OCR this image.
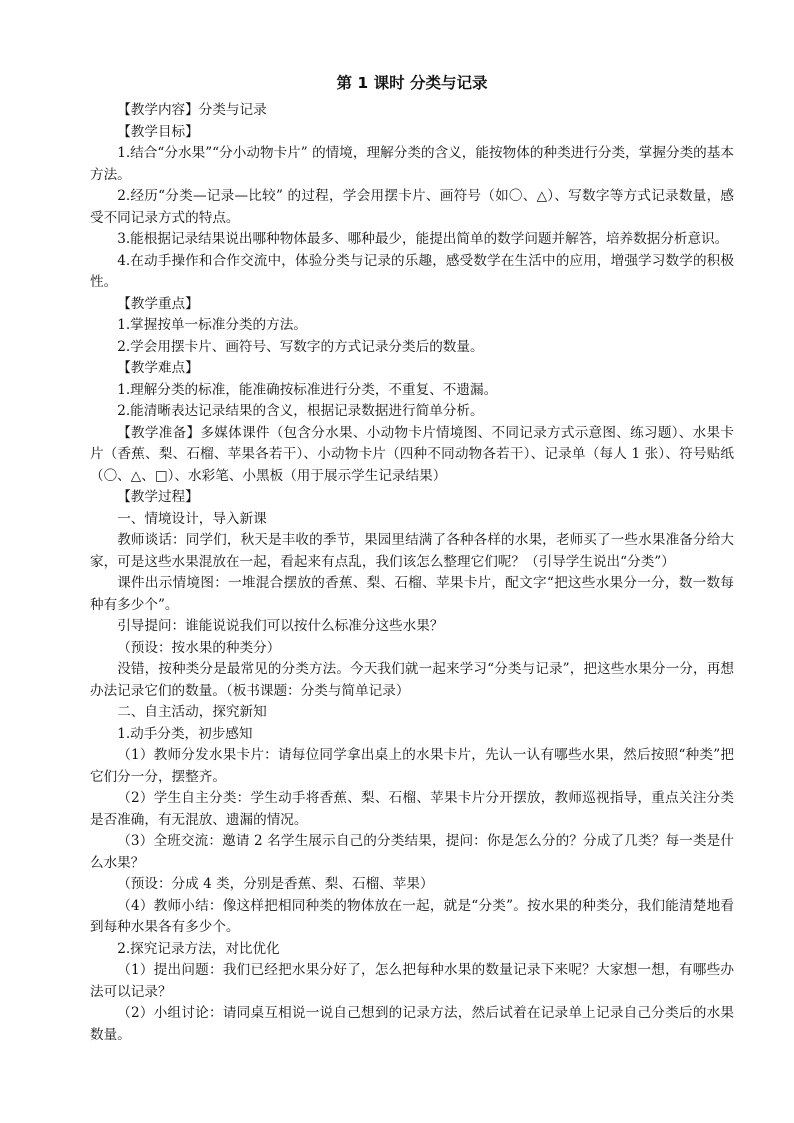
第 1 课时 分类与记录

【教学内容】分类与记录

【教学目标】

1.结合“分水果”“分小动物卡片” 的情境，理解分类的含义，能按物体的种类进行分类，掌握分类的基本方法。

2.经历“分类—记录—比较” 的过程，学会用摆卡片、画符号（如〇、△）、写数字等方式记录数量，感受不同记录方式的特点。

3.能根据记录结果说出哪种物体最多、哪种最少，能提出简单的数学问题并解答，培养数据分析意识。

4.在动手操作和合作交流中，体验分类与记录的乐趣，感受数学在生活中的应用，增强学习数学的积极性。

【教学重点】

1.掌握按单一标准分类的方法。

2.学会用摆卡片、画符号、写数字的方式记录分类后的数量。

【教学难点】

1.理解分类的标准，能准确按标准进行分类，不重复、不遗漏。

2.能清晰表达记录结果的含义，根据记录数据进行简单分析。

【教学准备】多媒体课件（包含分水果、小动物卡片情境图、不同记录方式示意图、练习题）、水果卡片（香蕉、梨、石榴、苹果各若干）、小动物卡片（四种不同动物各若干）、记录单（每人 1 张）、符号贴纸（〇、△、□）、水彩笔、小黑板（用于展示学生记录结果）

【教学过程】

一、情境设计，导入新课

教师谈话：同学们，秋天是丰收的季节，果园里结满了各种各样的水果，老师买了一些水果准备分给大家，可是这些水果混放在一起，看起来有点乱，我们该怎么整理它们呢？（引导学生说出“分类”）

课件出示情境图：一堆混合摆放的香蕉、梨、石榴、苹果卡片，配文字“把这些水果分一分，数一数每种有多少个”。

引导提问：谁能说说我们可以按什么标准分这些水果？

（预设：按水果的种类分）

没错，按种类分是最常见的分类方法。今天我们就一起来学习“分类与记录”，把这些水果分一分，再想办法记录它们的数量。（板书课题：分类与简单记录）

二、自主活动，探究新知

1.动手分类，初步感知

（1）教师分发水果卡片：请每位同学拿出桌上的水果卡片，先认一认有哪些水果，然后按照“种类”把它们分一分，摆整齐。

（2）学生自主分类：学生动手将香蕉、梨、石榴、苹果卡片分开摆放，教师巡视指导，重点关注分类是否准确，有无混放、遗漏的情况。

（3）全班交流：邀请 2 名学生展示自己的分类结果，提问：你是怎么分的？分成了几类？每一类是什么水果？

（预设：分成 4 类，分别是香蕉、梨、石榴、苹果）

（4）教师小结：像这样把相同种类的物体放在一起，就是“分类”。按水果的种类分，我们能清楚地看到每种水果各有多少个。

2.探究记录方法，对比优化

（1）提出问题：我们已经把水果分好了，怎么把每种水果的数量记录下来呢？大家想一想，有哪些办法可以记录？

（2）小组讨论：请同桌互相说一说自己想到的记录方法，然后试着在记录单上记录自己分类后的水果数量。
